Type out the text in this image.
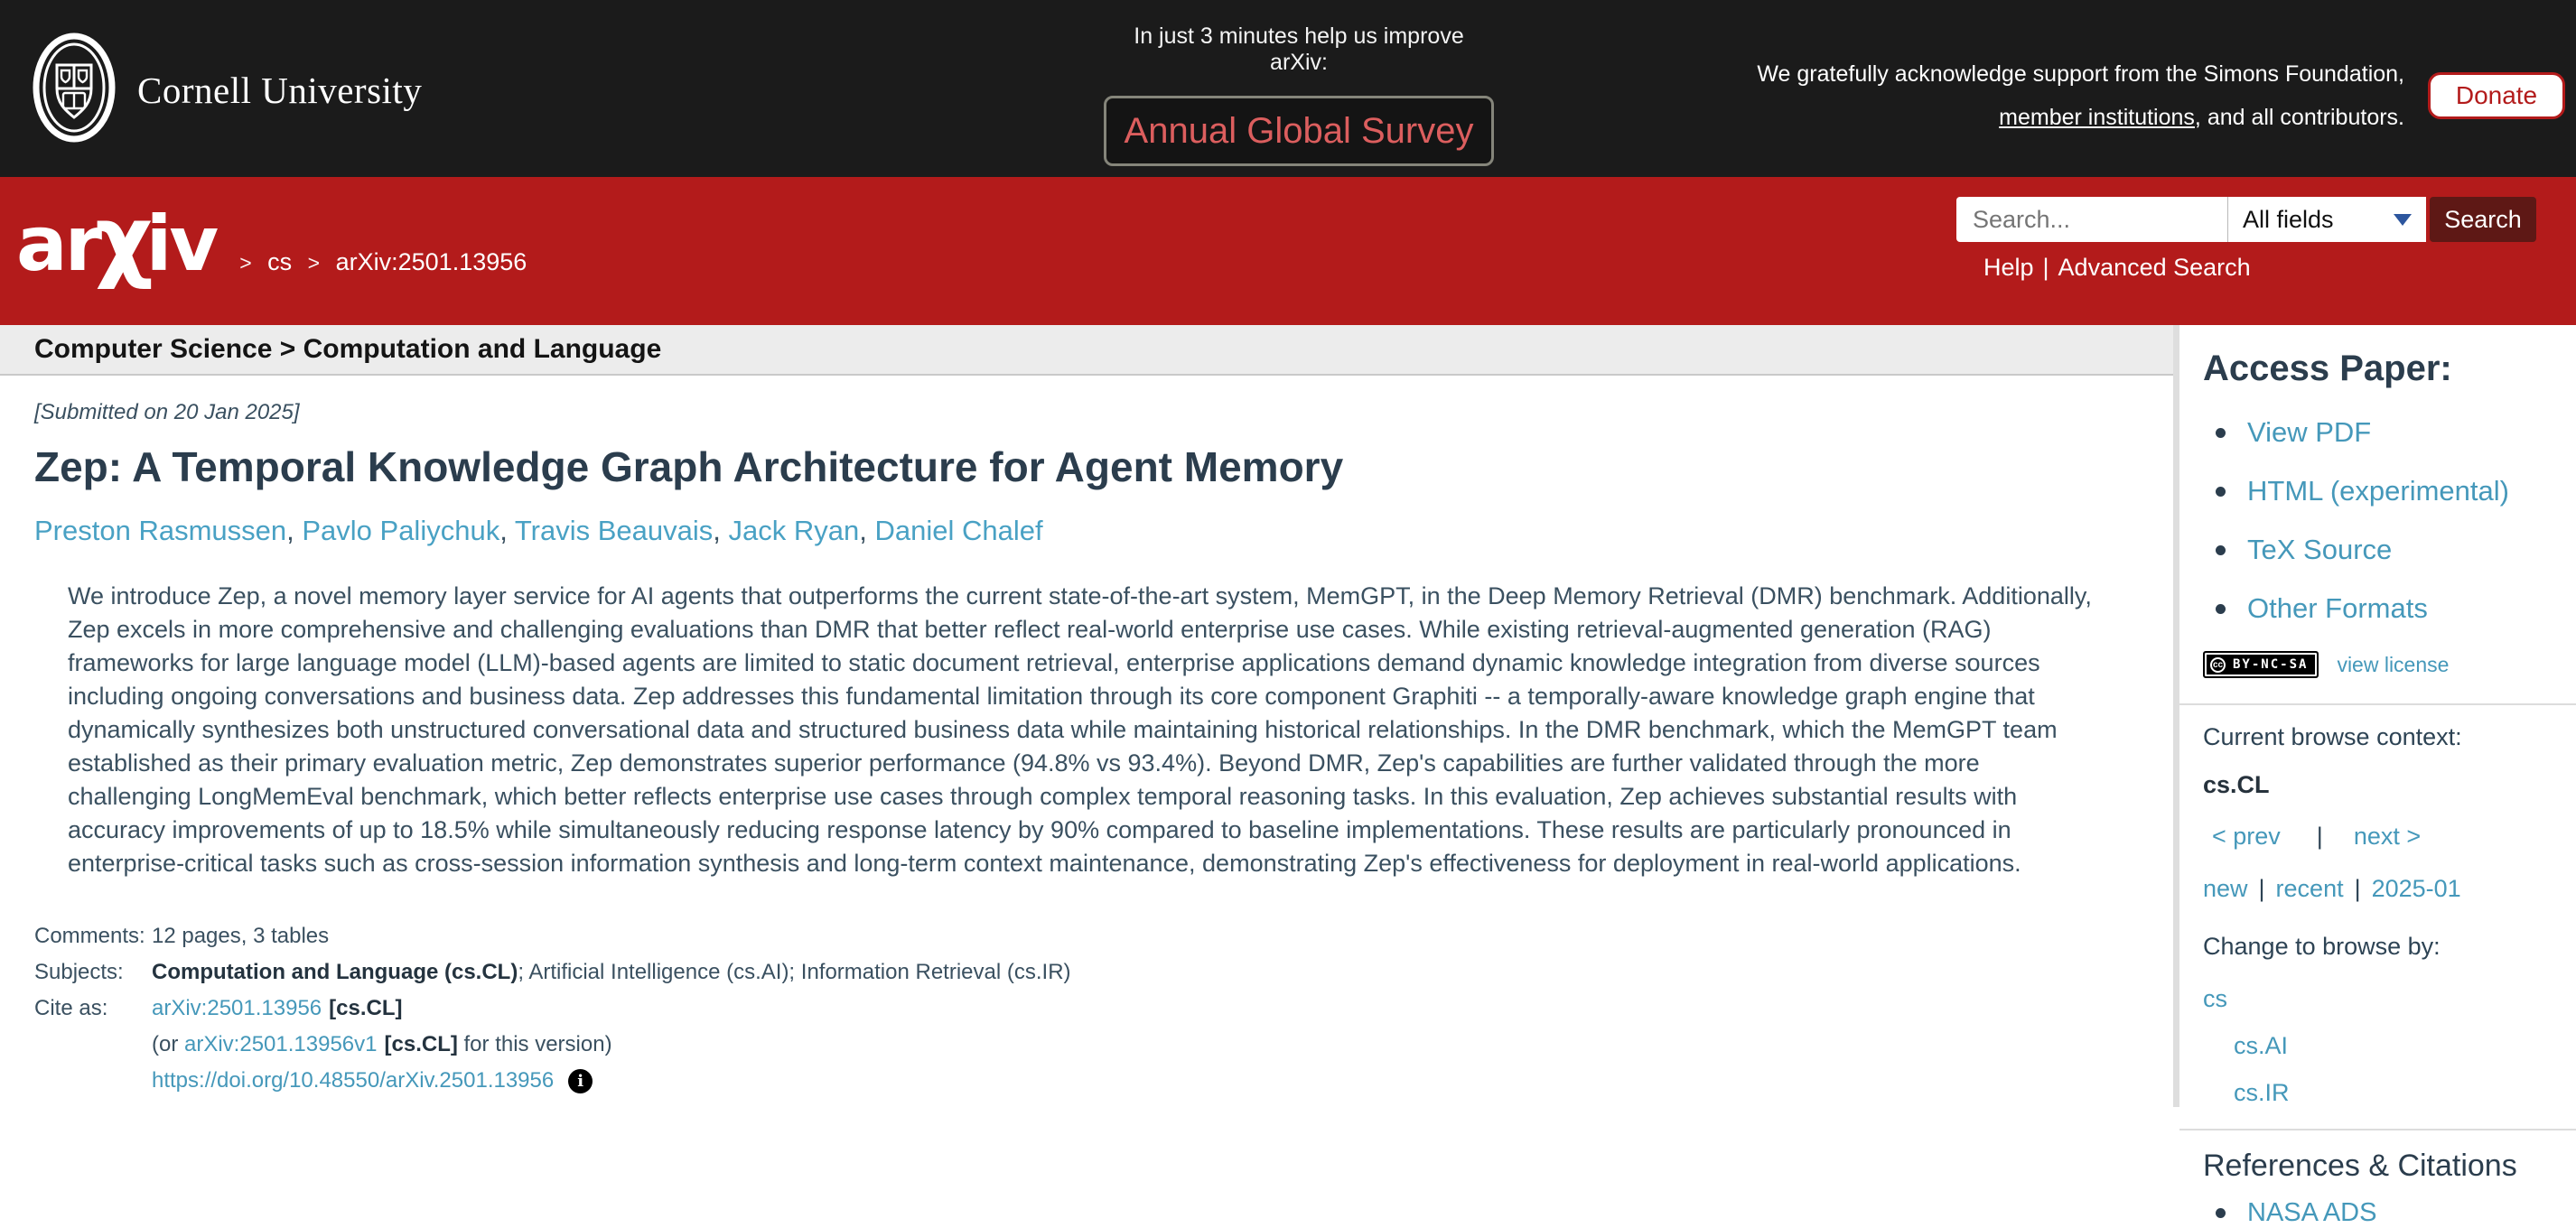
Cornell University
In just 3 minutes help us improve arXiv:
Annual Global Survey
We gratefully acknowledge support from the Simons Foundation,
member institutions, and all contributors.
Donate
arχiv	> cs > arXiv:2501.13956
Search...
All fields	Search
Help | Advanced Search
Computer Science > Computation and Language
[Submitted on 20 Jan 2025]
Zep: A Temporal Knowledge Graph Architecture for Agent Memory
Preston Rasmussen, Pavlo Paliychuk, Travis Beauvais, Jack Ryan, Daniel Chalef

We introduce Zep, a novel memory layer service for AI agents that outperforms the current state-of-the-art system, MemGPT, in the Deep Memory Retrieval (DMR) benchmark. Additionally, Zep excels in more comprehensive and challenging evaluations than DMR that better reflect real-world enterprise use cases. While existing retrieval-augmented generation (RAG) frameworks for large language model (LLM)-based agents are limited to static document retrieval, enterprise applications demand dynamic knowledge integration from diverse sources including ongoing conversations and business data. Zep addresses this fundamental limitation through its core component Graphiti -- a temporally-aware knowledge graph engine that dynamically synthesizes both unstructured conversational data and structured business data while maintaining historical relationships. In the DMR benchmark, which the MemGPT team established as their primary evaluation metric, Zep demonstrates superior performance (94.8% vs 93.4%). Beyond DMR, Zep's capabilities are further validated through the more challenging LongMemEval benchmark, which better reflects enterprise use cases through complex temporal reasoning tasks. In this evaluation, Zep achieves substantial results with accuracy improvements of up to 18.5% while simultaneously reducing response latency by 90% compared to baseline implementations. These results are particularly pronounced in enterprise-critical tasks such as cross-session information synthesis and long-term context maintenance, demonstrating Zep's effectiveness for deployment in real-world applications.

Comments: 12 pages, 3 tables
Subjects:	Computation and Language (cs.CL); Artificial Intelligence (cs.AI); Information Retrieval (cs.IR)
Cite as:	arXiv:2501.13956 [cs.CL]
(or arXiv:2501.13956v1 [cs.CL] for this version)
https://doi.org/10.48550/arXiv.2501.13956 i
Access Paper:
View PDF
HTML (experimental)
TeX Source
Other Formats
cc BY-NC-SA view license
Current browse context:
cs.CL
< prev | next >
new | recent | 2025-01
Change to browse by:
cs
cs.AI
cs.IR
References & Citations
NASA ADS
